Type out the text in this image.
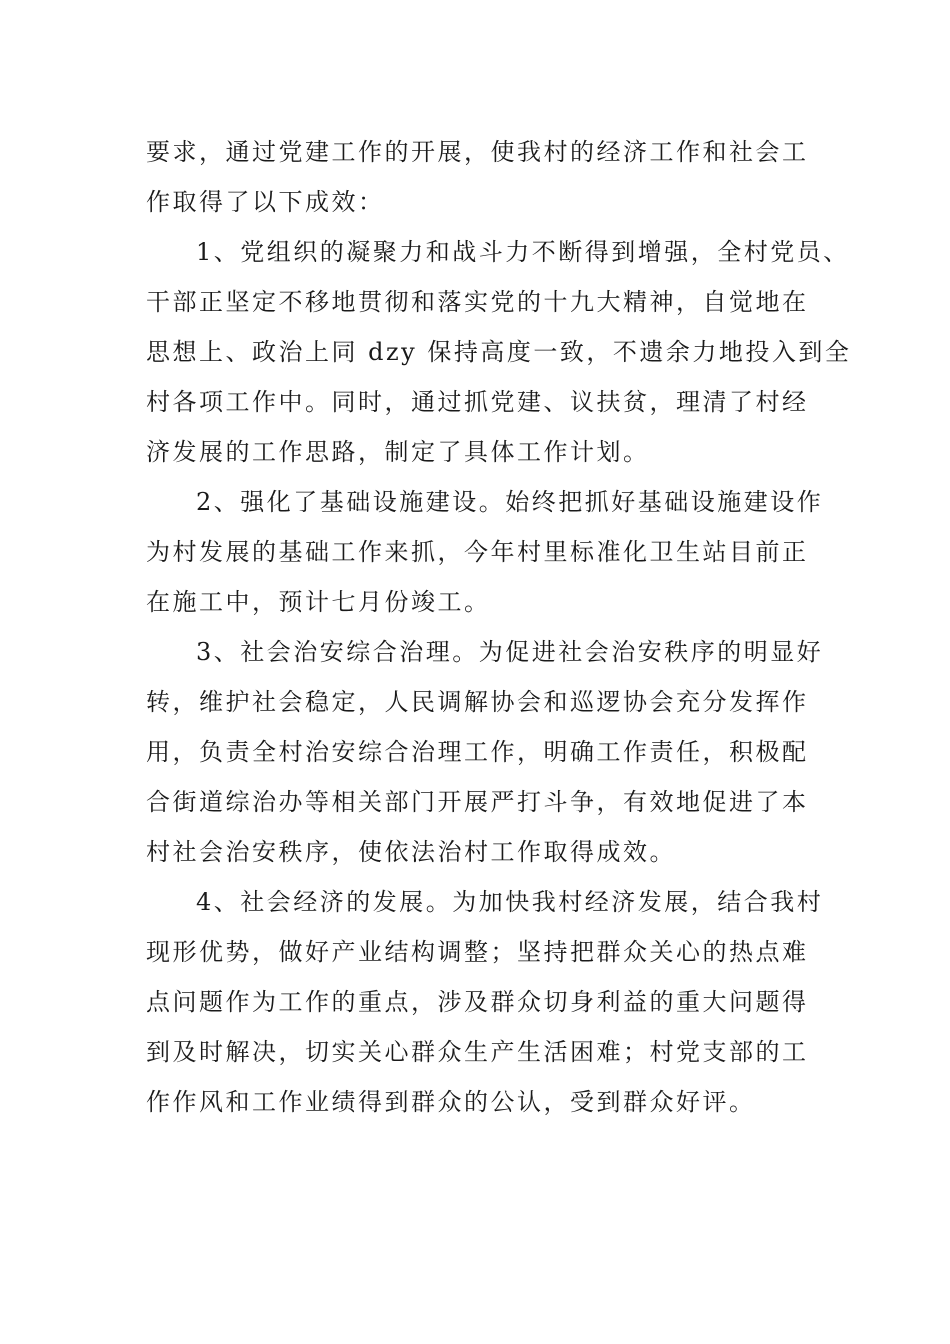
要求，通过党建工作的开展，使我村的经济工作和社会工
作取得了以下成效：
1、党组织的凝聚力和战斗力不断得到增强，全村党员、
干部正坚定不移地贯彻和落实党的十九大精神，自觉地在
思想上、政治上同 dzy 保持高度一致，不遗余力地投入到全
村各项工作中。同时，通过抓党建、议扶贫，理清了村经
济发展的工作思路，制定了具体工作计划。
2、强化了基础设施建设。始终把抓好基础设施建设作
为村发展的基础工作来抓，今年村里标准化卫生站目前正
在施工中，预计七月份竣工。
3、社会治安综合治理。为促进社会治安秩序的明显好
转，维护社会稳定，人民调解协会和巡逻协会充分发挥作
用，负责全村治安综合治理工作，明确工作责任，积极配
合街道综治办等相关部门开展严打斗争，有效地促进了本
村社会治安秩序，使依法治村工作取得成效。
4、社会经济的发展。为加快我村经济发展，结合我村
现形优势，做好产业结构调整；坚持把群众关心的热点难
点问题作为工作的重点，涉及群众切身利益的重大问题得
到及时解决，切实关心群众生产生活困难；村党支部的工
作作风和工作业绩得到群众的公认，受到群众好评。
